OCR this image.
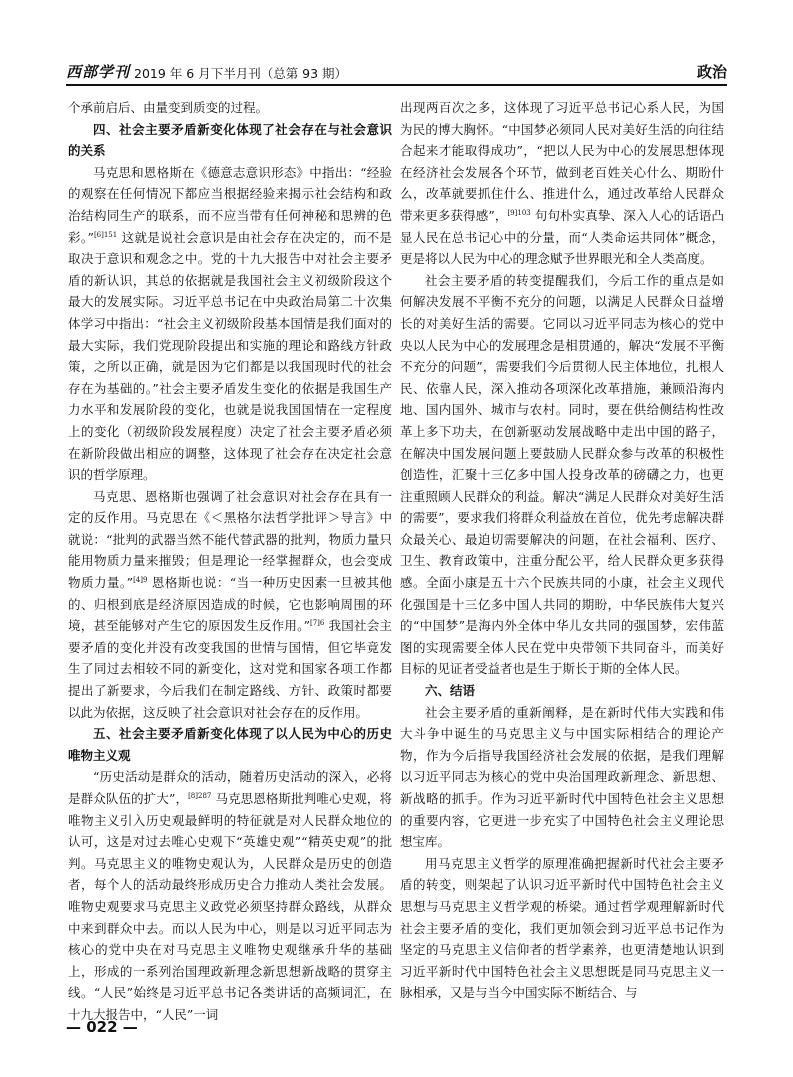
西部学刊 2019 年 6 月下半月刊（总第 93 期）	政治

个承前启后、由量变到质变的过程。

四、社会主要矛盾新变化体现了社会存在与社会意识的关系

马克思和恩格斯在《德意志意识形态》中指出：“经验的观察在任何情况下都应当根据经验来揭示社会结构和政治结构同生产的联系，而不应当带有任何神秘和思辨的色彩。”$^{[6]151}$ 这就是说社会意识是由社会存在决定的，而不是取决于意识和观念之中。党的十九大报告中对社会主要矛盾的新认识，其总的依据就是我国社会主义初级阶段这个最大的发展实际。习近平总书记在中央政治局第二十次集体学习中指出：“社会主义初级阶段基本国情是我们面对的最大实际，我们党现阶段提出和实施的理论和路线方针政策，之所以正确，就是因为它们都是以我国现时代的社会存在为基础的。”社会主要矛盾发生变化的依据是我国生产力水平和发展阶段的变化，也就是说我国国情在一定程度上的变化（初级阶段发展程度）决定了社会主要矛盾必须在新阶段做出相应的调整，这体现了社会存在决定社会意识的哲学原理。

马克思、恩格斯也强调了社会意识对社会存在具有一定的反作用。马克思在《＜黑格尔法哲学批评＞导言》中就说：“批判的武器当然不能代替武器的批判，物质力量只能用物质力量来摧毁；但是理论一经掌握群众，也会变成物质力量。”$^{[4]9}$ 恩格斯也说：“当一种历史因素一旦被其他的、归根到底是经济原因造成的时候，它也影响周围的环境，甚至能够对产生它的原因发生反作用。”$^{[7]6}$ 我国社会主要矛盾的变化并没有改变我国的世情与国情，但它毕竟发生了同过去相较不同的新变化，这对党和国家各项工作都提出了新要求，今后我们在制定路线、方针、政策时都要以此为依据，这反映了社会意识对社会存在的反作用。

五、社会主要矛盾新变化体现了以人民为中心的历史唯物主义观

“历史活动是群众的活动，随着历史活动的深入，必将是群众队伍的扩大”，$^{[8]287}$ 马克思恩格斯批判唯心史观，将唯物主义引入历史观最鲜明的特征就是对人民群众地位的认可，这是对过去唯心史观下“英雄史观”“精英史观”的批判。马克思主义的唯物史观认为，人民群众是历史的创造者，每个人的活动最终形成历史合力推动人类社会发展。唯物史观要求马克思主义政党必须坚持群众路线，从群众中来到群众中去。而以人民为中心，则是以习近平同志为核心的党中央在对马克思主义唯物史观继承升华的基础上，形成的一系列治国理政新理念新思想新战略的贯穿主线。“人民”始终是习近平总书记各类讲话的高频词汇，在十九大报告中，“人民”一词

出现两百次之多，这体现了习近平总书记心系人民，为国为民的博大胸怀。“中国梦必须同人民对美好生活的向往结合起来才能取得成功”，“把以人民为中心的发展思想体现在经济社会发展各个环节，做到老百姓关心什么、期盼什么，改革就要抓住什么、推进什么，通过改革给人民群众带来更多获得感”，$^{[9]103}$ 句句朴实真挚、深入人心的话语凸显人民在总书记心中的分量，而“人类命运共同体”概念，更是将以人民为中心的理念赋予世界眼光和全人类高度。

社会主要矛盾的转变提醒我们，今后工作的重点是如何解决发展不平衡不充分的问题，以满足人民群众日益增长的对美好生活的需要。它同以习近平同志为核心的党中央以人民为中心的发展理念是相贯通的，解决“发展不平衡不充分的问题”，需要我们今后贯彻人民主体地位，扎根人民、依靠人民，深入推动各项深化改革措施，兼顾沿海内地、国内国外、城市与农村。同时，要在供给侧结构性改革上多下功夫，在创新驱动发展战略中走出中国的路子，在解决中国发展问题上要鼓励人民群众参与改革的积极性创造性，汇聚十三亿多中国人投身改革的磅礴之力，也更注重照顾人民群众的利益。解决“满足人民群众对美好生活的需要”，要求我们将群众利益放在首位，优先考虑解决群众最关心、最迫切需要解决的问题，在社会福利、医疗、卫生、教育政策中，注重分配公平，给人民群众更多获得感。全面小康是五十六个民族共同的小康，社会主义现代化强国是十三亿多中国人共同的期盼，中华民族伟大复兴的“中国梦”是海内外全体中华儿女共同的强国梦，宏伟蓝图的实现需要全体人民在党中央带领下共同奋斗，而美好目标的见证者受益者也是生于斯长于斯的全体人民。

六、结语

社会主要矛盾的重新阐释，是在新时代伟大实践和伟大斗争中诞生的马克思主义与中国实际相结合的理论产物，作为今后指导我国经济社会发展的依据，是我们理解以习近平同志为核心的党中央治国理政新理念、新思想、新战略的抓手。作为习近平新时代中国特色社会主义思想的重要内容，它更进一步充实了中国特色社会主义理论思想宝库。

用马克思主义哲学的原理准确把握新时代社会主要矛盾的转变，则架起了认识习近平新时代中国特色社会主义思想与马克思主义哲学观的桥梁。通过哲学观理解新时代社会主要矛盾的变化，我们更加领会到习近平总书记作为坚定的马克思主义信仰者的哲学素养，也更清楚地认识到习近平新时代中国特色社会主义思想既是同马克思主义一脉相承，又是与当今中国实际不断结合、与

— 022 —
